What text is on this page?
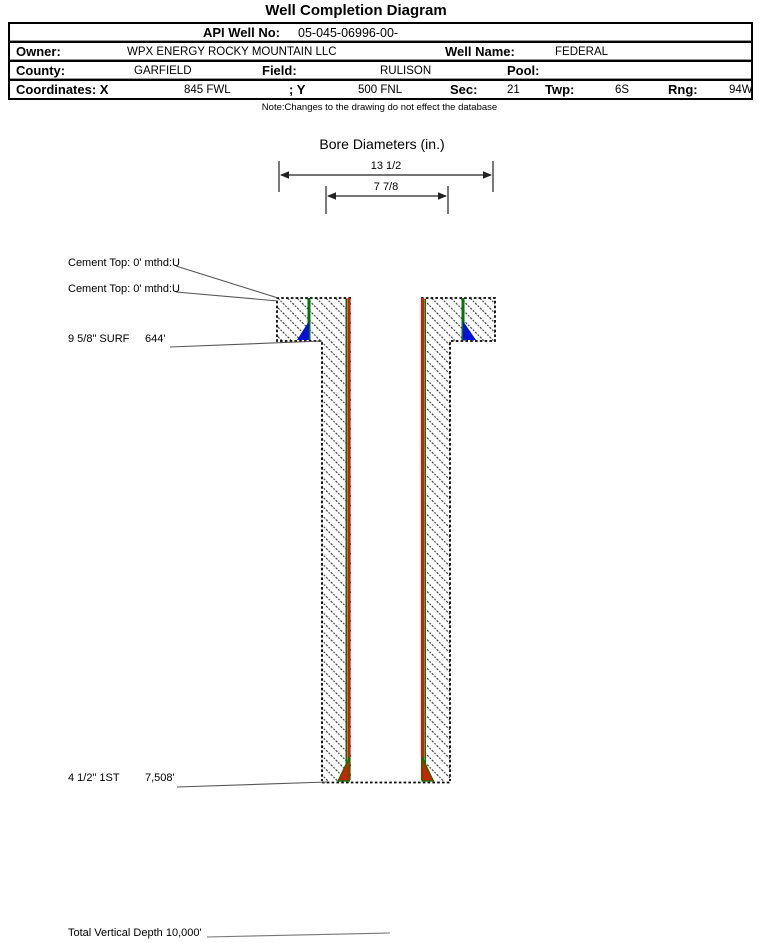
Well Completion Diagram
API Well No: 05-045-06996-00-
Owner:	WPX ENERGY ROCKY MOUNTAIN LLC	Well Name:	FEDERAL
County:	GARFIELD	Field:	RULISON	Pool:
Coordinates: X	845 FWL	; Y	500 FNL	Sec:	21 Twp:	6S	Rng:	94W
Note:Changes to the drawing do not effect the database
Bore Diameters (in.)
13 1/2
7 7/8
Cement Top: 0' mthd:U
Cement Top: 0' mthd:U
9 5/8" SURF 644'
4 1/2" 1ST 7,508'
Total Vertical Depth 10,000'
